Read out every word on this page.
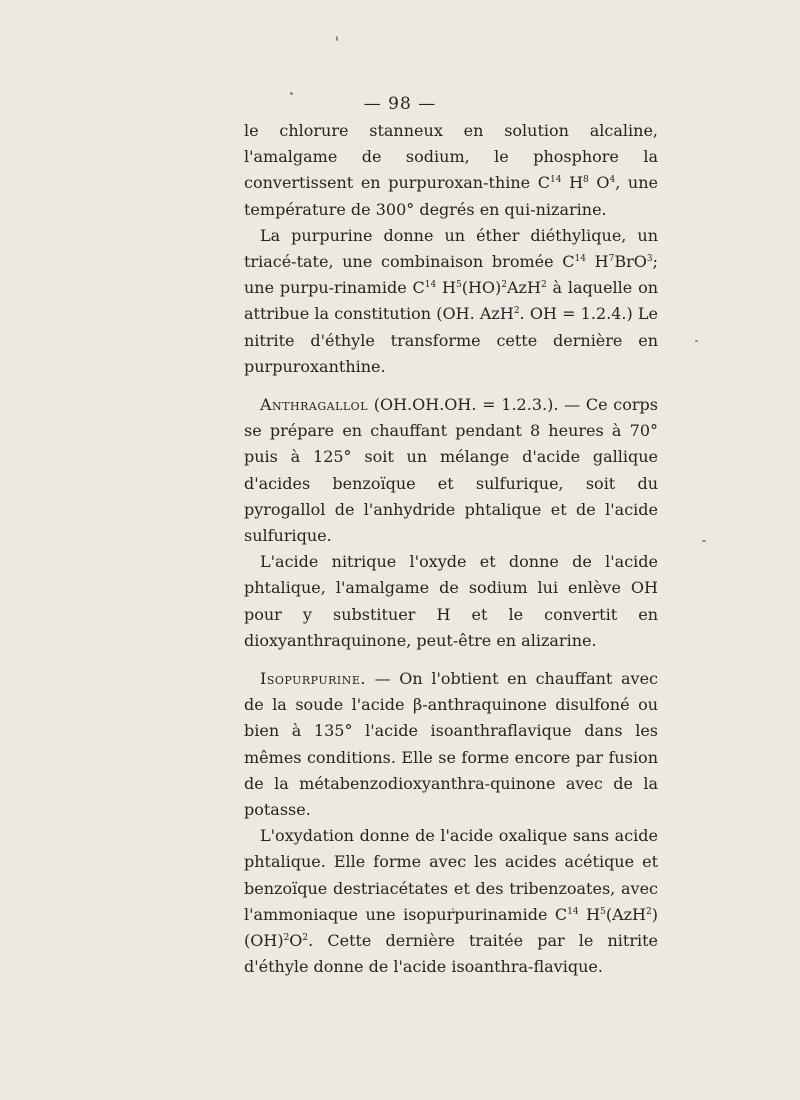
— 98 —

le chlorure stanneux en solution alcaline, l'amalgame de sodium, le phosphore la convertissent en purpuroxan-thine $C^{14}$ $H^8$ $O^4$, une température de 300° degrés en qui-nizarine.

La purpurine donne un éther diéthylique, un triacé-tate, une combinaison bromée $C^{14}$ $H^7BrO^3$; une purpu-rinamide $C^{14}$ $H^5(HO)^2AzH^2$ à laquelle on attribue la constitution (OH. AzH$^2$. OH = 1.2.4.) Le nitrite d'éthyle transforme cette dernière en purpuroxanthine.

Anthragallol (OH.OH.OH. = 1.2.3.). — Ce corps se prépare en chauffant pendant 8 heures à 70° puis à 125° soit un mélange d'acide gallique d'acides benzoïque et sulfurique, soit du pyrogallol de l'anhydride phtalique et de l'acide sulfurique.

L'acide nitrique l'oxyde et donne de l'acide phtalique, l'amalgame de sodium lui enlève OH pour y substituer H et le convertit en dioxyanthraquinone, peut-être en alizarine.

Isopurpurine. — On l'obtient en chauffant avec de la soude l'acide β-anthraquinone disulfoné ou bien à 135° l'acide isoanthraflavique dans les mêmes conditions. Elle se forme encore par fusion de la métabenzodioxyanthra-quinone avec de la potasse.

L'oxydation donne de l'acide oxalique sans acide phtalique. Elle forme avec les acides acétique et benzoïque destriacétates et des tribenzoates, avec l'ammoniaque une isopurpurinamide $C^{14}$ $H^5(AzH^2)(OH)^2O^2$. Cette dernière traitée par le nitrite d'éthyle donne de l'acide isoanthra-flavique.
